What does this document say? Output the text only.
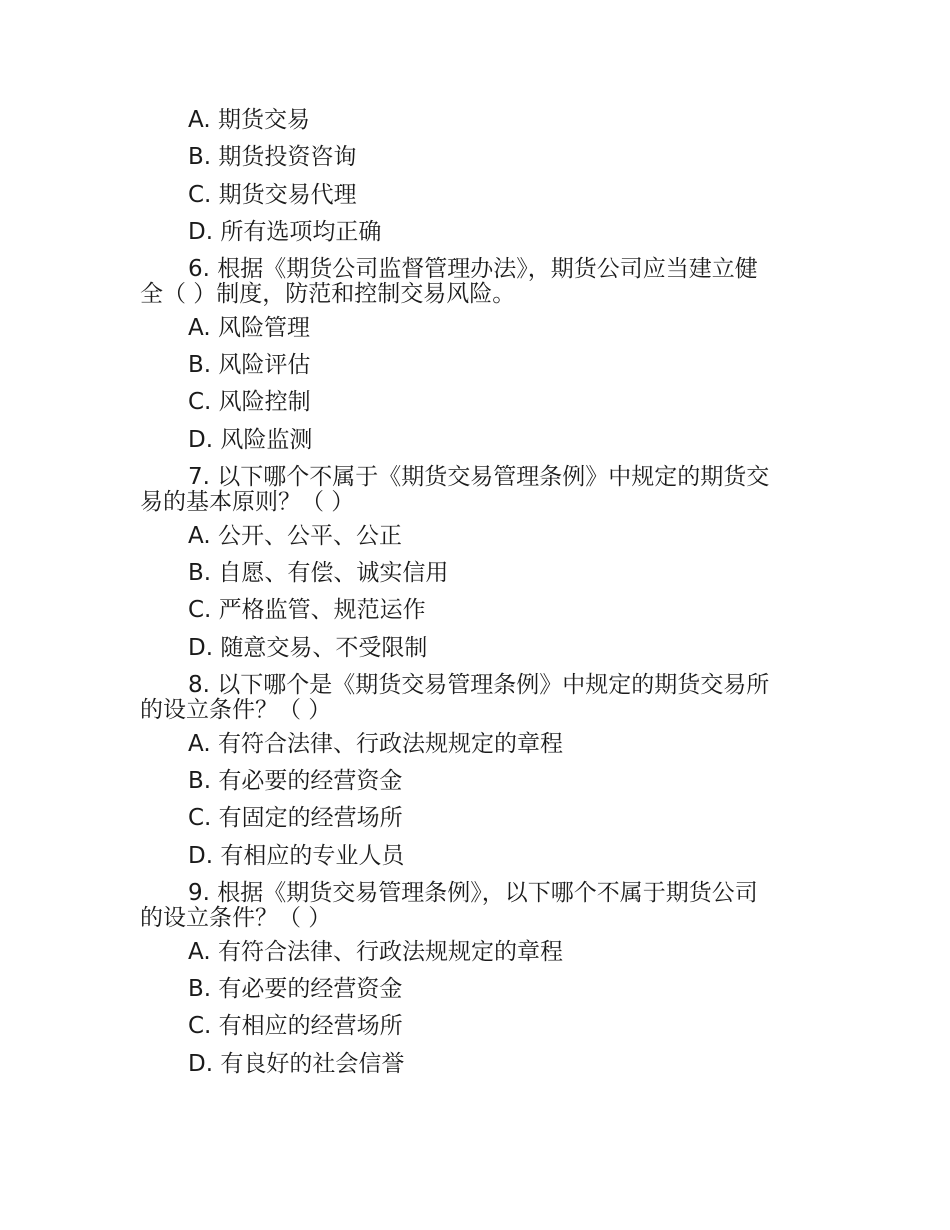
A. 期货交易
B. 期货投资咨询
C. 期货交易代理
D. 所有选项均正确
6. 根据《期货公司监督管理办法》，期货公司应当建立健
全（ ）制度，防范和控制交易风险。
A. 风险管理
B. 风险评估
C. 风险控制
D. 风险监测
7. 以下哪个不属于《期货交易管理条例》中规定的期货交
易的基本原则？（ ）
A. 公开、公平、公正
B. 自愿、有偿、诚实信用
C. 严格监管、规范运作
D. 随意交易、不受限制
8. 以下哪个是《期货交易管理条例》中规定的期货交易所
的设立条件？（ ）
A. 有符合法律、行政法规规定的章程
B. 有必要的经营资金
C. 有固定的经营场所
D. 有相应的专业人员
9. 根据《期货交易管理条例》，以下哪个不属于期货公司
的设立条件？（ ）
A. 有符合法律、行政法规规定的章程
B. 有必要的经营资金
C. 有相应的经营场所
D. 有良好的社会信誉
